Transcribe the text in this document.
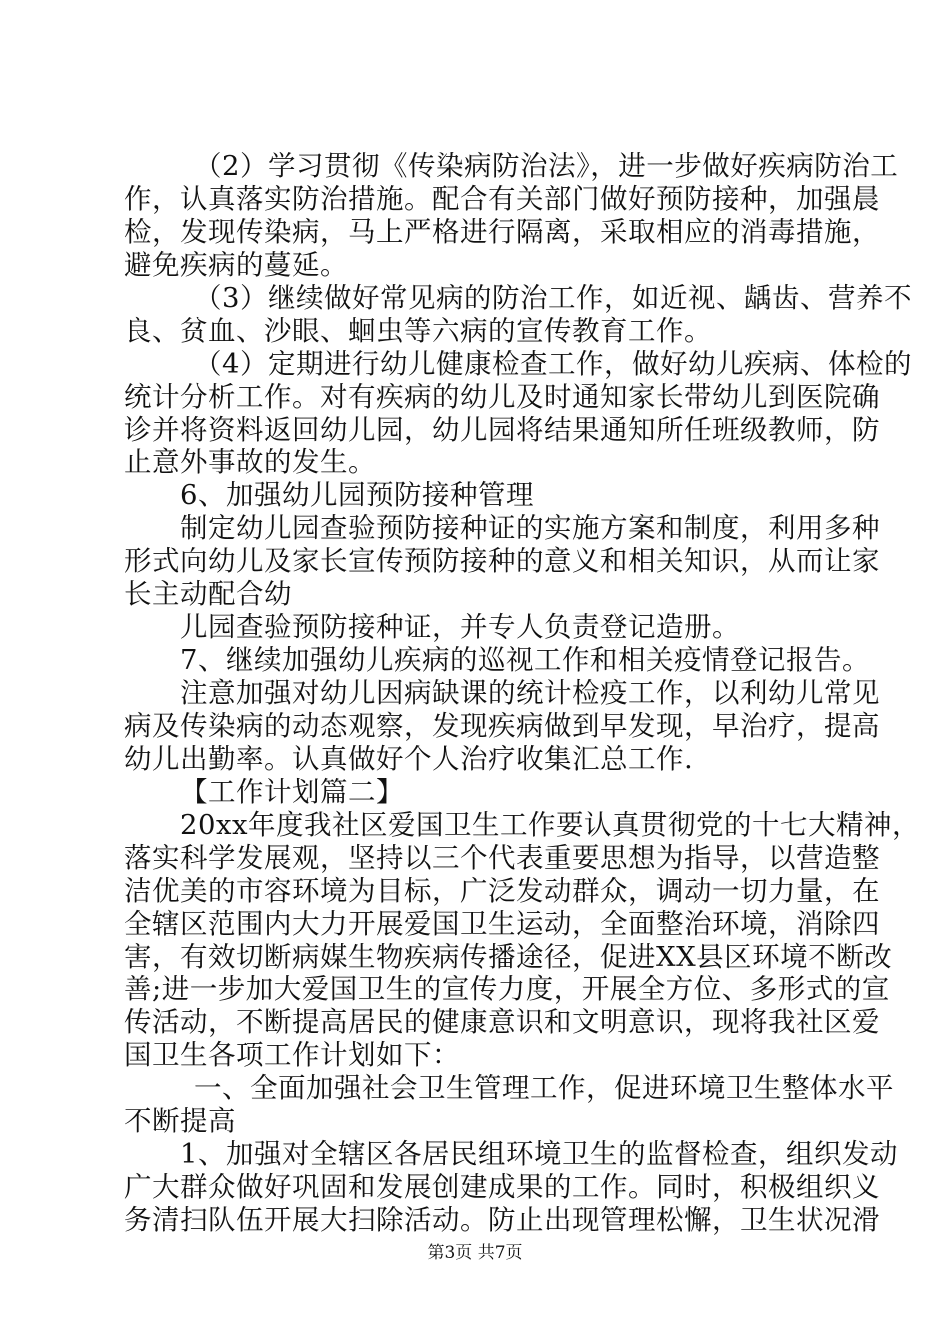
（2）学习贯彻《传染病防治法》，进一步做好疾病防治工
作，认真落实防治措施。配合有关部门做好预防接种，加强晨
检，发现传染病，马上严格进行隔离，采取相应的消毒措施，
避免疾病的蔓延。
（3）继续做好常见病的防治工作，如近视、龋齿、营养不
良、贫血、沙眼、蛔虫等六病的宣传教育工作。
（4）定期进行幼儿健康检查工作，做好幼儿疾病、体检的
统计分析工作。对有疾病的幼儿及时通知家长带幼儿到医院确
诊并将资料返回幼儿园，幼儿园将结果通知所任班级教师，防
止意外事故的发生。
6、加强幼儿园预防接种管理
制定幼儿园查验预防接种证的实施方案和制度，利用多种
形式向幼儿及家长宣传预防接种的意义和相关知识，从而让家
长主动配合幼
儿园查验预防接种证，并专人负责登记造册。
7、继续加强幼儿疾病的巡视工作和相关疫情登记报告。
注意加强对幼儿因病缺课的统计检疫工作，以利幼儿常见
病及传染病的动态观察，发现疾病做到早发现，早治疗，提高
幼儿出勤率。认真做好个人治疗收集汇总工作.
【工作计划篇二】
20xx年度我社区爱国卫生工作要认真贯彻党的十七大精神，
落实科学发展观，坚持以三个代表重要思想为指导，以营造整
洁优美的市容环境为目标，广泛发动群众，调动一切力量，在
全辖区范围内大力开展爱国卫生运动，全面整治环境，消除四
害，有效切断病媒生物疾病传播途径，促进XX县区环境不断改
善;进一步加大爱国卫生的宣传力度，开展全方位、多形式的宣
传活动，不断提高居民的健康意识和文明意识，现将我社区爱
国卫生各项工作计划如下：
一、全面加强社会卫生管理工作，促进环境卫生整体水平
不断提高
1、加强对全辖区各居民组环境卫生的监督检查，组织发动
广大群众做好巩固和发展创建成果的工作。同时，积极组织义
务清扫队伍开展大扫除活动。防止出现管理松懈，卫生状况滑
第3页 共7页
